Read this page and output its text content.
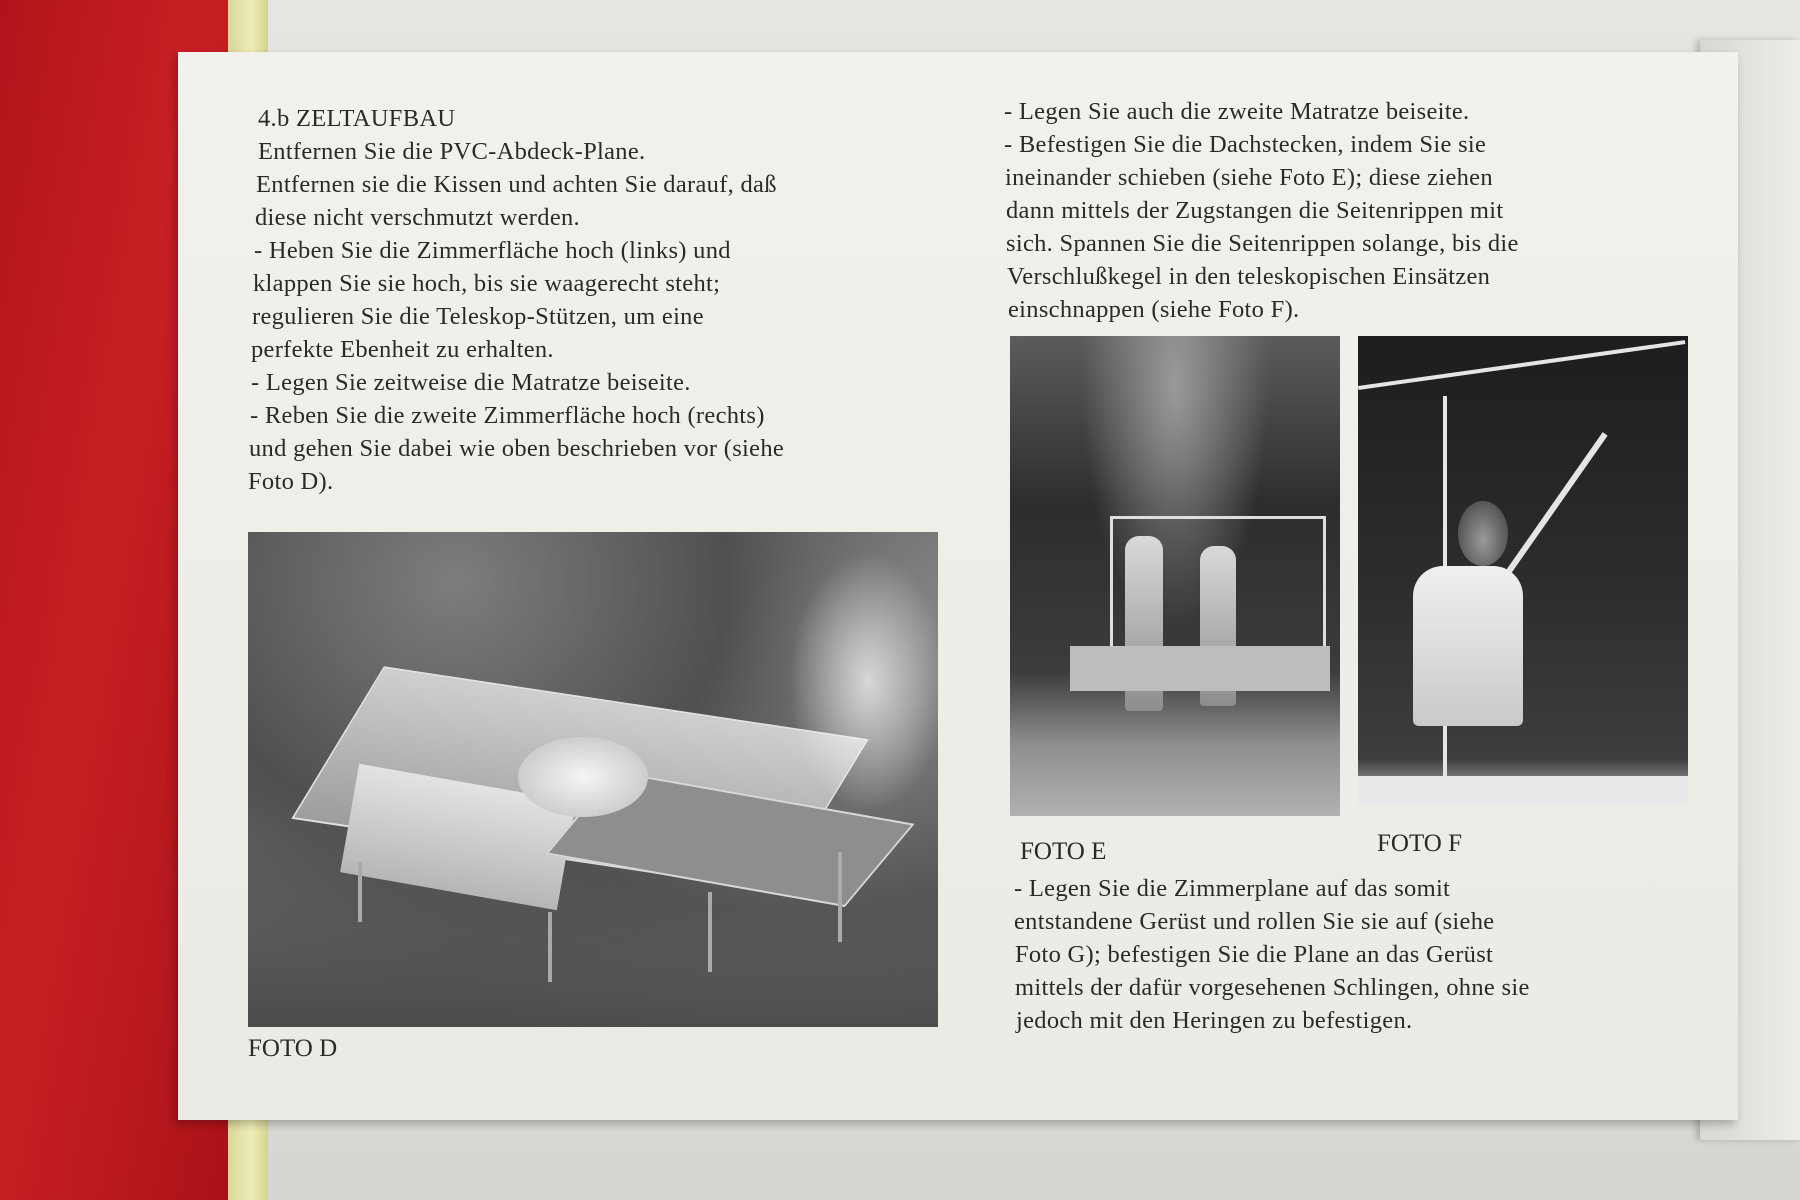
4.b ZELTAUFBAU
Entfernen Sie die PVC-Abdeck-Plane.
Entfernen sie die Kissen und achten Sie darauf, daß
diese nicht verschmutzt werden.
- Heben Sie die Zimmerfläche hoch (links) und
klappen Sie sie hoch, bis sie waagerecht steht;
regulieren Sie die Teleskop-Stützen, um eine
perfekte Ebenheit zu erhalten.
- Legen Sie zeitweise die Matratze beiseite.
- Reben Sie die zweite Zimmerfläche hoch (rechts)
und gehen Sie dabei wie oben beschrieben vor (siehe
Foto D).
FOTO D
- Legen Sie auch die zweite Matratze beiseite.
- Befestigen Sie die Dachstecken, indem Sie sie
ineinander schieben (siehe Foto E); diese ziehen
dann mittels der Zugstangen die Seitenrippen mit
sich. Spannen Sie die Seitenrippen solange, bis die
Verschlußkegel in den teleskopischen Einsätzen
einschnappen (siehe Foto F).
FOTO E	FOTO F
- Legen Sie die Zimmerplane auf das somit
entstandene Gerüst und rollen Sie sie auf (siehe
Foto G); befestigen Sie die Plane an das Gerüst
mittels der dafür vorgesehenen Schlingen, ohne sie
jedoch mit den Heringen zu befestigen.
